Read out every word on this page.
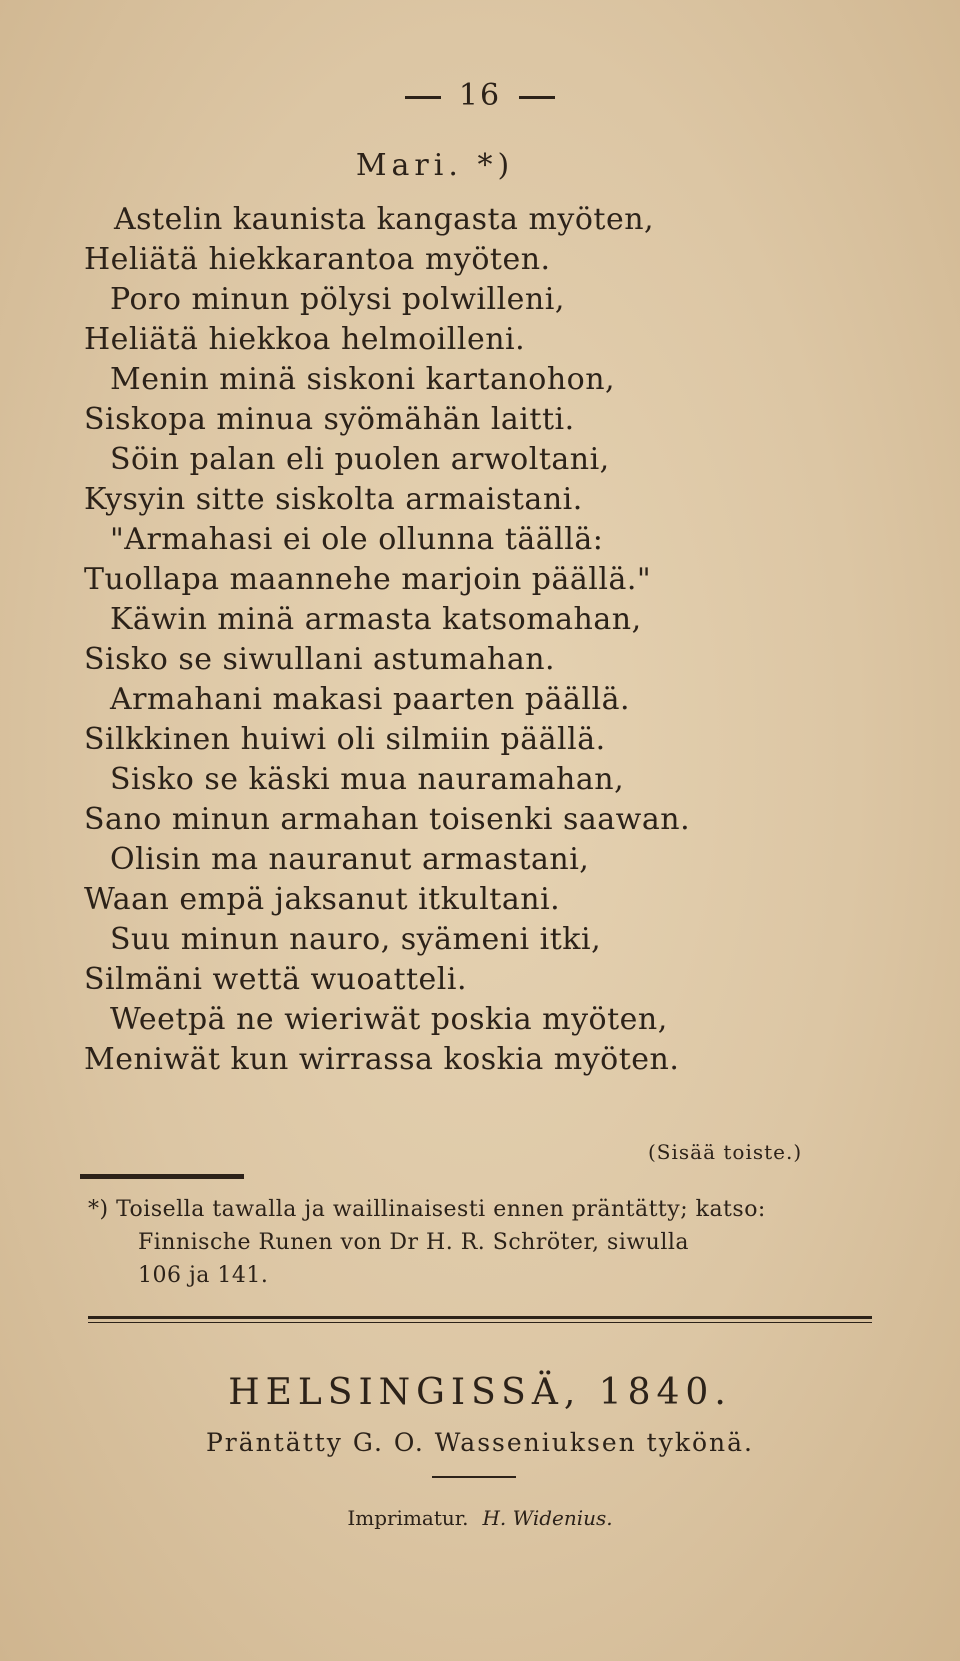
16
Mari. *)
Astelin kaunista kangasta myöten,
Heliätä hiekkarantoa myöten.
Poro minun pölysi polwilleni,
Heliätä hiekkoa helmoilleni.
Menin minä siskoni kartanohon,
Siskopa minua syömähän laitti.
Söin palan eli puolen arwoltani,
Kysyin sitte siskolta armaistani.
"Armahasi ei ole ollunna täällä:
Tuollapa maannehe marjoin päällä."
Käwin minä armasta katsomahan,
Sisko se siwullani astumahan.
Armahani makasi paarten päällä.
Silkkinen huiwi oli silmiin päällä.
Sisko se käski mua nauramahan,
Sano minun armahan toisenki saawan.
Olisin ma nauranut armastani,
Waan empä jaksanut itkultani.
Suu minun nauro, syämeni itki,
Silmäni wettä wuoatteli.
Weetpä ne wieriwät poskia myöten,
Meniwät kun wirrassa koskia myöten.
(Sisää toiste.)
*) Toisella tawalla ja waillinaisesti ennen präntätty; katso:
Finnische Runen von Dr H. R. Schröter, siwulla
106 ja 141.
HELSINGISSÄ, 1840.
Präntätty G. O. Wasseniuksen tykönä.
Imprimatur. H. Widenius.
